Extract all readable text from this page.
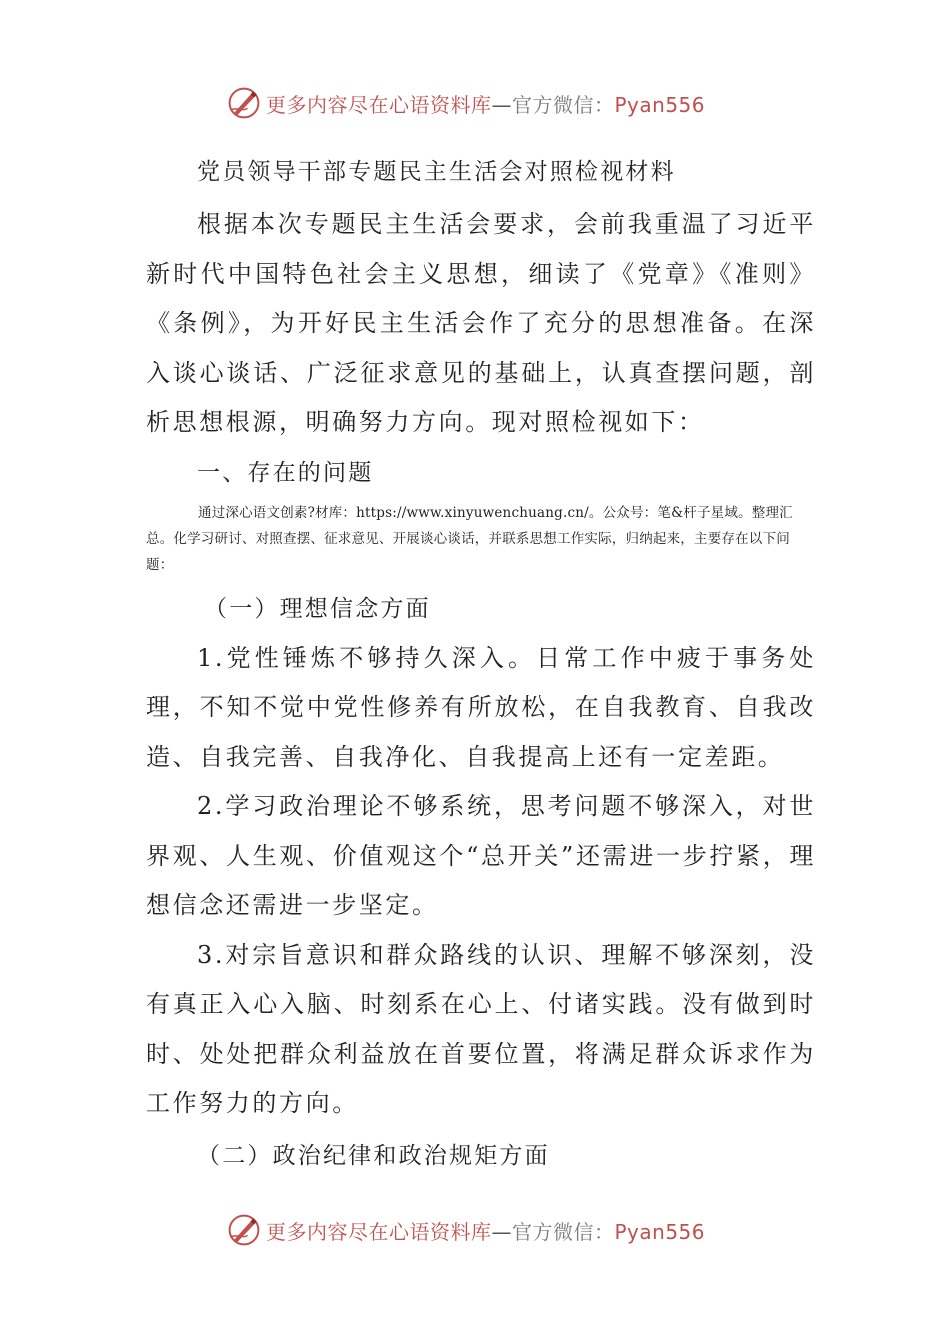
更多内容尽在心语资料库—官方微信：Pyan556

党员领导干部专题民主生活会对照检视材料

根据本次专题民主生活会要求，会前我重温了习近平新时代中国特色社会主义思想，细读了《党章》《准则》《条例》，为开好民主生活会作了充分的思想准备。在深入谈心谈话、广泛征求意见的基础上，认真查摆问题，剖析思想根源，明确努力方向。现对照检视如下：

一、存在的问题

通过深心语文创素?材库：https://www.xinyuwenchuang.cn/。公众号：笔&杆子星域。整理汇总。化学习研讨、对照查摆、征求意见、开展谈心谈话，并联系思想工作实际，归纳起来，主要存在以下问题：

（一）理想信念方面

1.党性锤炼不够持久深入。日常工作中疲于事务处理，不知不觉中党性修养有所放松，在自我教育、自我改造、自我完善、自我净化、自我提高上还有一定差距。

2.学习政治理论不够系统，思考问题不够深入，对世界观、人生观、价值观这个“总开关”还需进一步拧紧，理想信念还需进一步坚定。

3.对宗旨意识和群众路线的认识、理解不够深刻，没有真正入心入脑、时刻系在心上、付诸实践。没有做到时时、处处把群众利益放在首要位置，将满足群众诉求作为工作努力的方向。

（二）政治纪律和政治规矩方面

更多内容尽在心语资料库—官方微信：Pyan556
